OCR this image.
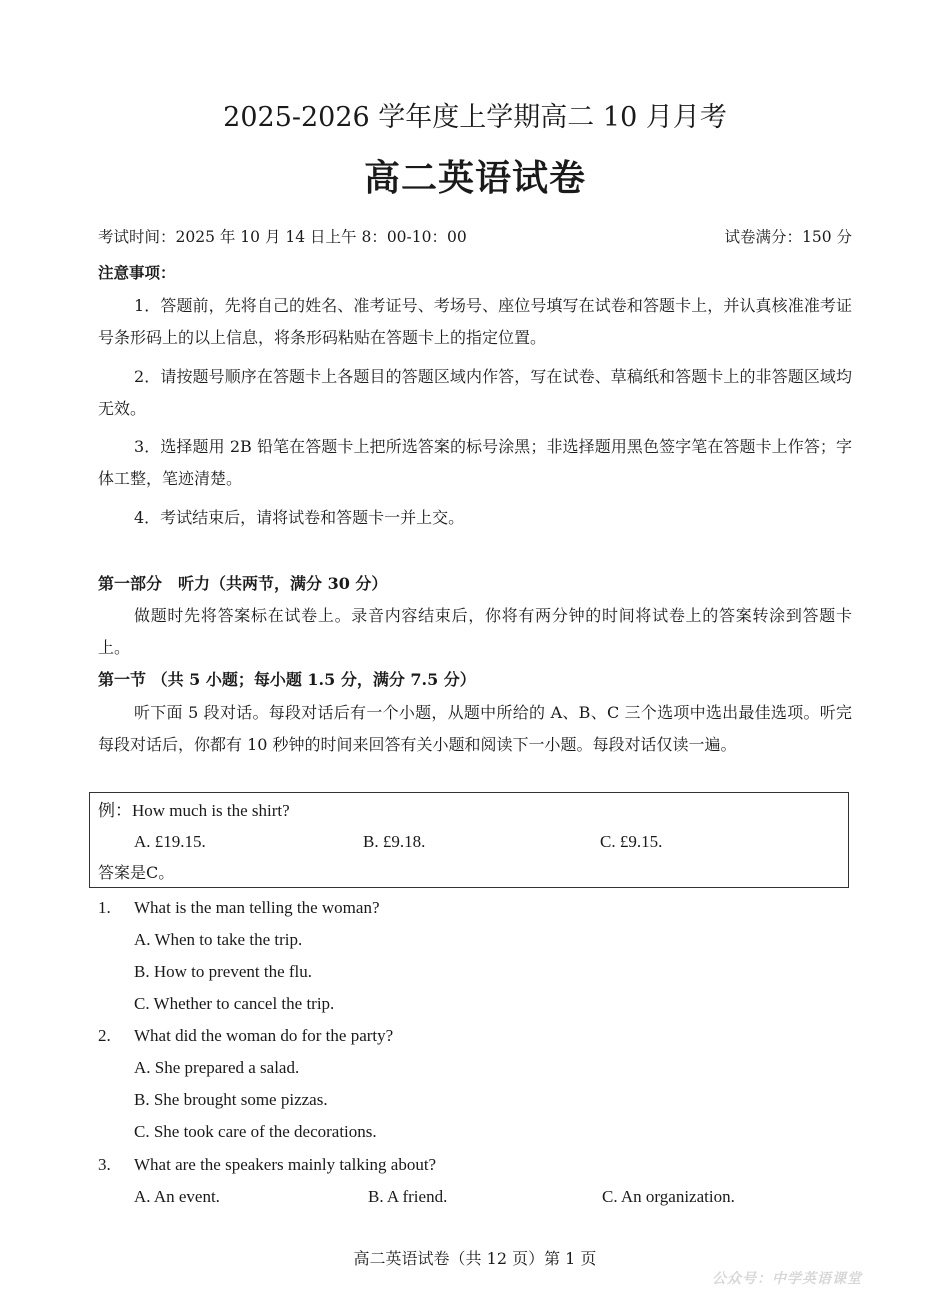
2025-2026 学年度上学期高二 10 月月考
高二英语试卷
考试时间：2025 年 10 月 14 日上午 8：00-10：00	试卷满分：150 分
注意事项：
1．答题前，先将自己的姓名、准考证号、考场号、座位号填写在试卷和答题卡上，并认真核准准考证号条形码上的以上信息，将条形码粘贴在答题卡上的指定位置。
2．请按题号顺序在答题卡上各题目的答题区域内作答，写在试卷、草稿纸和答题卡上的非答题区域均无效。
3．选择题用 2B 铅笔在答题卡上把所选答案的标号涂黑；非选择题用黑色签字笔在答题卡上作答；字体工整，笔迹清楚。
4．考试结束后，请将试卷和答题卡一并上交。
第一部分　听力（共两节，满分 30 分）
做题时先将答案标在试卷上。录音内容结束后，你将有两分钟的时间将试卷上的答案转涂到答题卡上。
第一节 （共 5 小题；每小题 1.5 分，满分 7.5 分）
听下面 5 段对话。每段对话后有一个小题，从题中所给的 A、B、C 三个选项中选出最佳选项。听完每段对话后，你都有 10 秒钟的时间来回答有关小题和阅读下一小题。每段对话仅读一遍。
例：How much is the shirt?
A. £19.15.	B. £9.18.	C. £9.15.
答案是C。
1. What is the man telling the woman?
A. When to take the trip.
B. How to prevent the flu.
C. Whether to cancel the trip.
2. What did the woman do for the party?
A. She prepared a salad.
B. She brought some pizzas.
C. She took care of the decorations.
3. What are the speakers mainly talking about?
A. An event.	B. A friend.	C. An organization.
高二英语试卷（共 12 页）第 1 页
公众号：中学英语课堂
